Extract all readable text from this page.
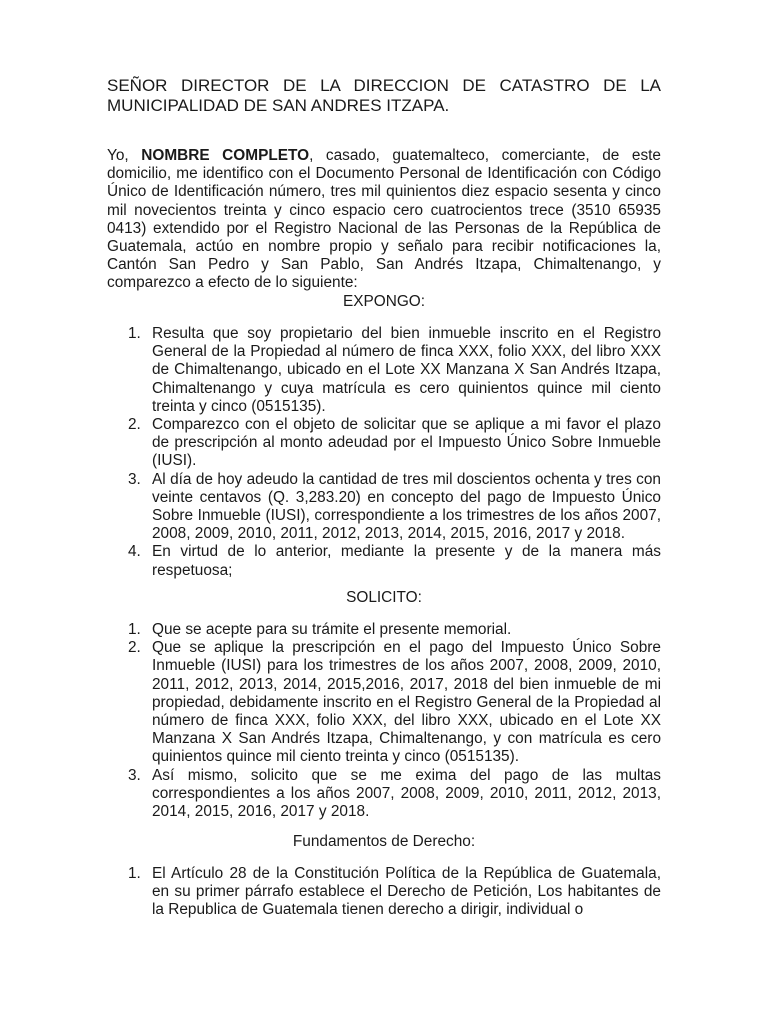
SEÑOR DIRECTOR DE LA DIRECCION DE CATASTRO DE LA
MUNICIPALIDAD DE SAN ANDRES ITZAPA.

Yo, NOMBRE COMPLETO, casado, guatemalteco, comerciante, de este domicilio, me identifico con el Documento Personal de Identificación con Código Único de Identificación número, tres mil quinientos diez espacio sesenta y cinco mil novecientos treinta y cinco espacio cero cuatrocientos trece (3510 65935 0413) extendido por el Registro Nacional de las Personas de la República de Guatemala, actúo en nombre propio y señalo para recibir notificaciones la, Cantón San Pedro y San Pablo, San Andrés Itzapa, Chimaltenango, y comparezco a efecto de lo siguiente:

EXPONGO:

1. Resulta que soy propietario del bien inmueble inscrito en el Registro General de la Propiedad al número de finca XXX, folio XXX, del libro XXX de Chimaltenango, ubicado en el Lote XX Manzana X San Andrés Itzapa, Chimaltenango y cuya matrícula es cero quinientos quince mil ciento treinta y cinco (0515135).
2. Comparezco con el objeto de solicitar que se aplique a mi favor el plazo de prescripción al monto adeudad por el Impuesto Único Sobre Inmueble (IUSI).
3. Al día de hoy adeudo la cantidad de tres mil doscientos ochenta y tres con veinte centavos (Q. 3,283.20) en concepto del pago de Impuesto Único Sobre Inmueble (IUSI), correspondiente a los trimestres de los años 2007, 2008, 2009, 2010, 2011, 2012, 2013, 2014, 2015, 2016, 2017 y 2018.
4. En virtud de lo anterior, mediante la presente y de la manera más respetuosa;

SOLICITO:

1. Que se acepte para su trámite el presente memorial.
2. Que se aplique la prescripción en el pago del Impuesto Único Sobre Inmueble (IUSI) para los trimestres de los años 2007, 2008, 2009, 2010, 2011, 2012, 2013, 2014, 2015,2016, 2017, 2018 del bien inmueble de mi propiedad, debidamente inscrito en el Registro General de la Propiedad al número de finca XXX, folio XXX, del libro XXX, ubicado en el Lote XX Manzana X San Andrés Itzapa, Chimaltenango, y con matrícula es cero quinientos quince mil ciento treinta y cinco (0515135).
3. Así mismo, solicito que se me exima del pago de las multas correspondientes a los años 2007, 2008, 2009, 2010, 2011, 2012, 2013, 2014, 2015, 2016, 2017 y 2018.

Fundamentos de Derecho:

1. El Artículo 28 de la Constitución Política de la República de Guatemala, en su primer párrafo establece el Derecho de Petición, Los habitantes de la Republica de Guatemala tienen derecho a dirigir, individual o
